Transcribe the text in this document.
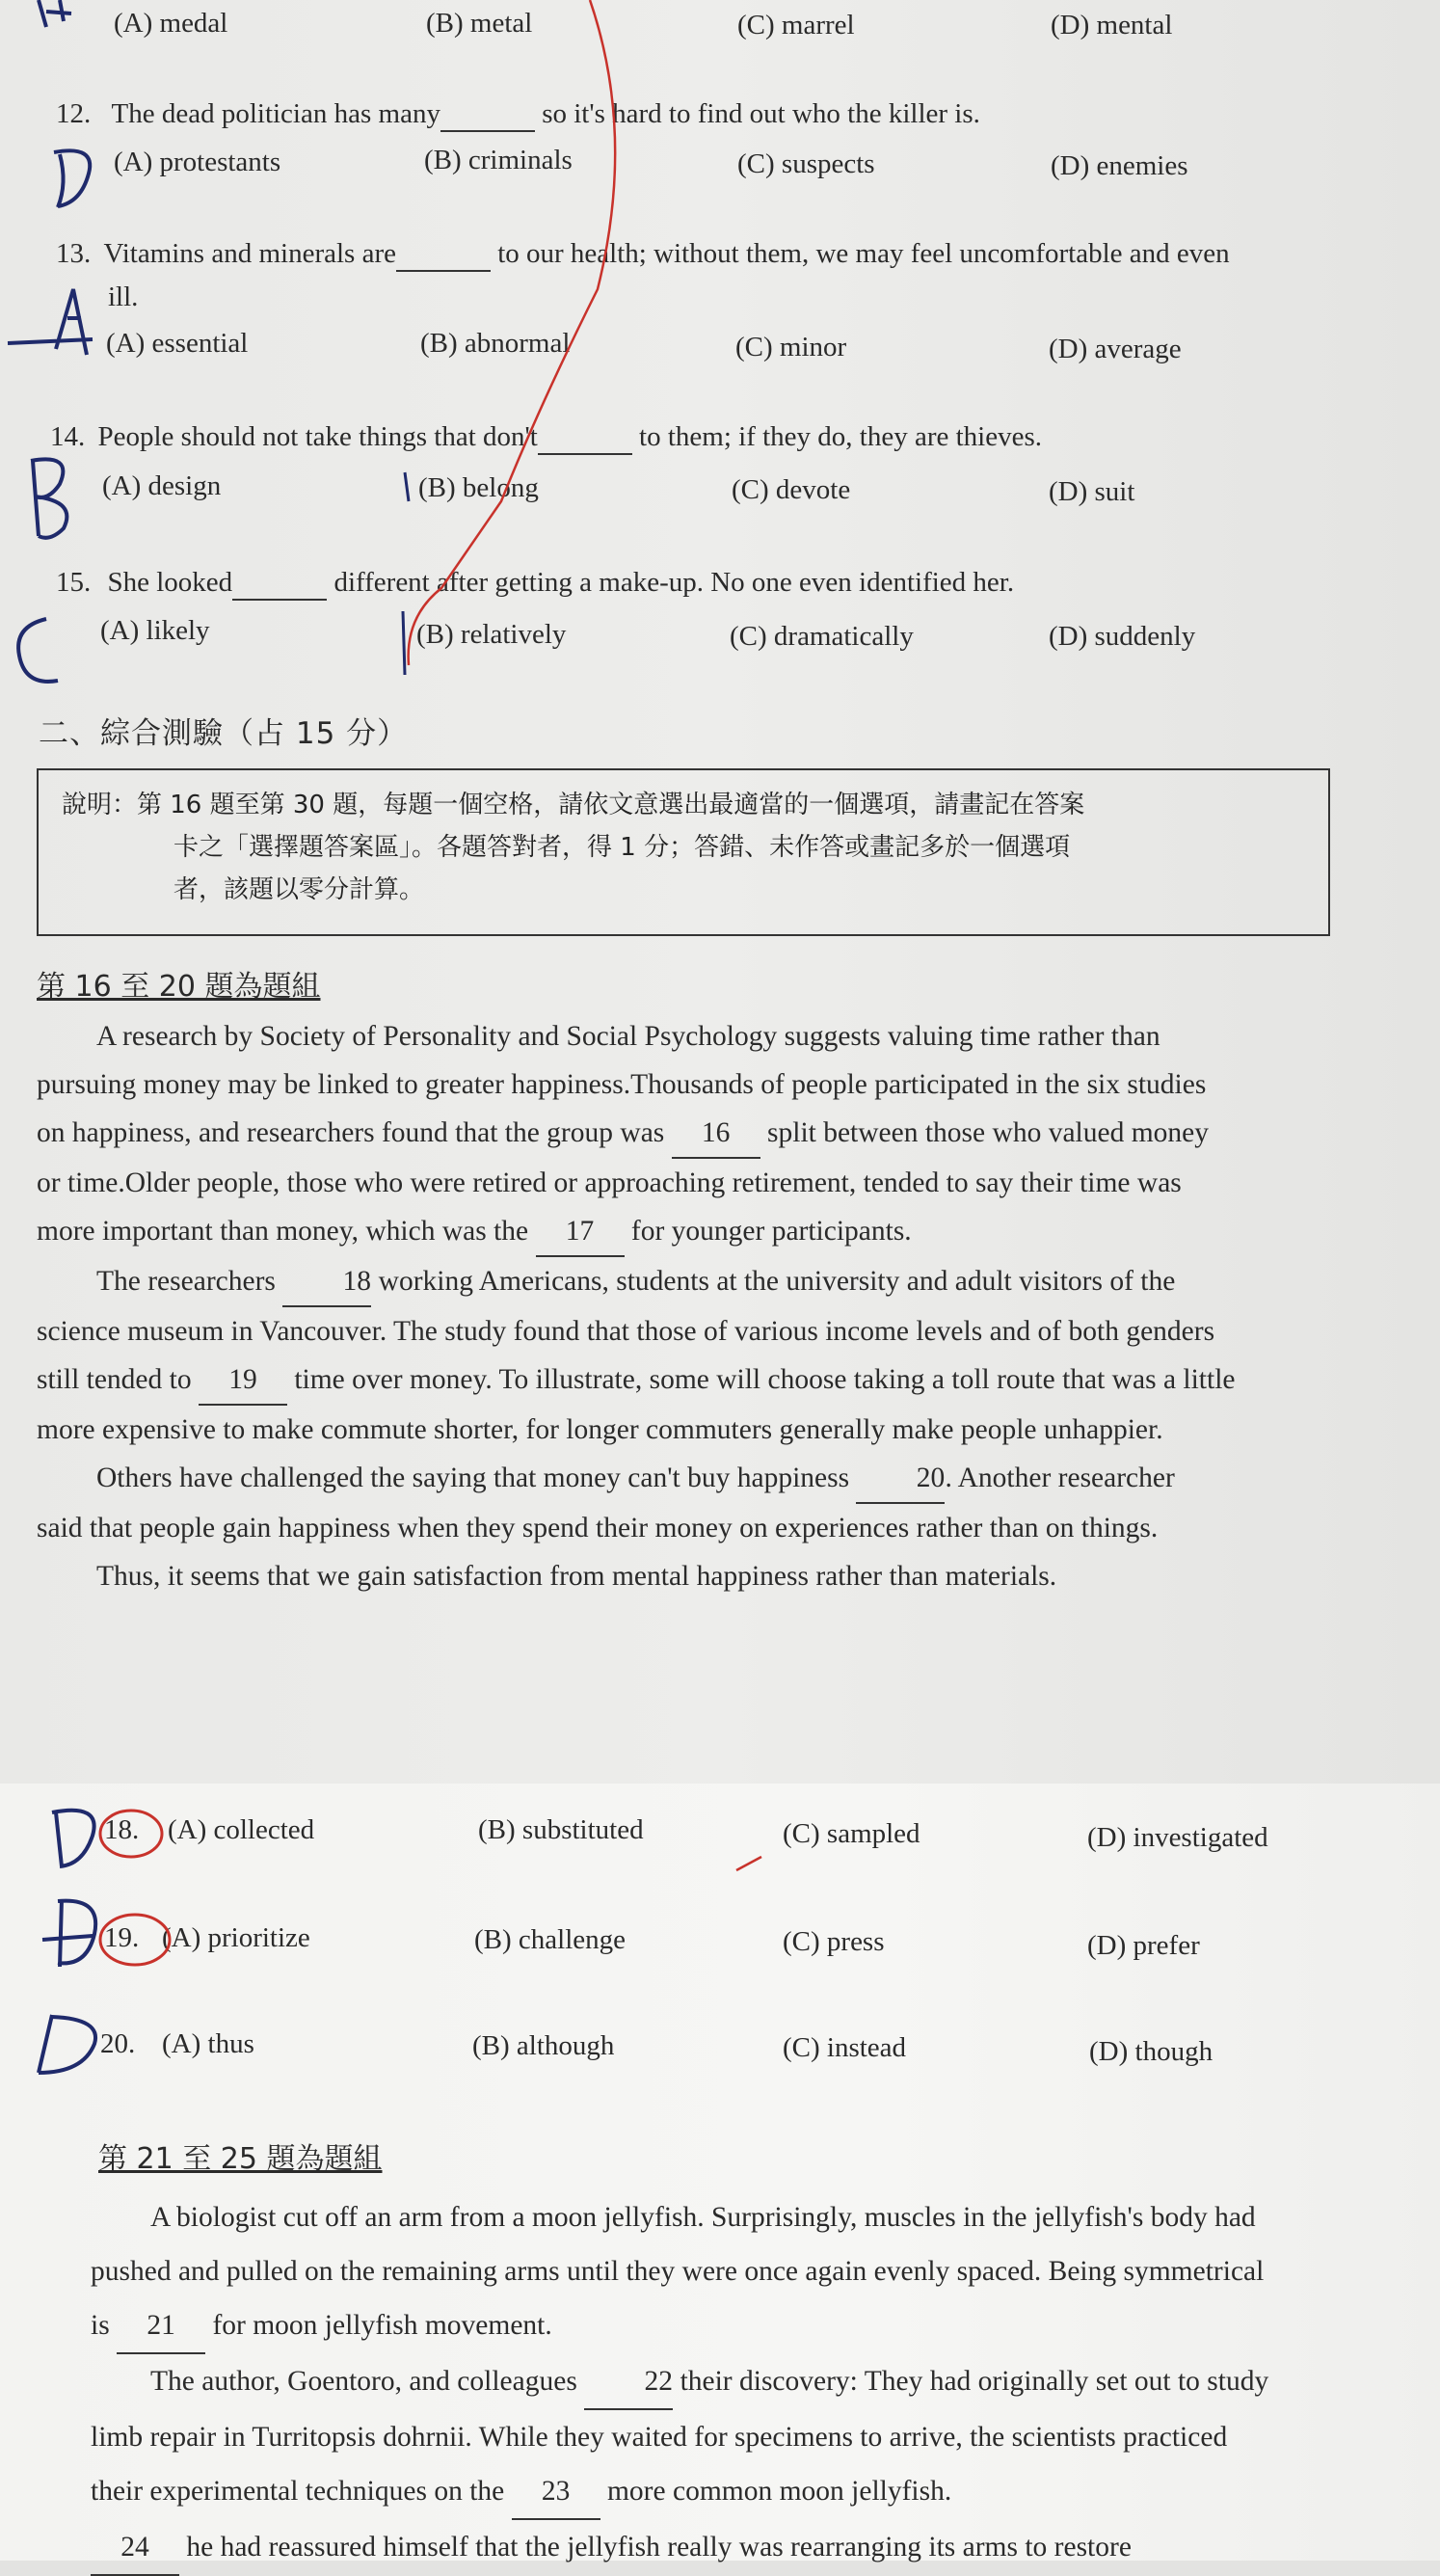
(A) medal	(B) metal	(C) marrel	(D) mental
12. The dead politician has many	so it's hard to find out who the killer is.
(A) protestants	(B) criminals	(C) suspects	(D) enemies
13. Vitamins and minerals are	to our health; without them, we may feel uncomfortable and even
ill.
(A) essential	(B) abnormal	(C) minor	(D) average
14. People should not take things that don't	to them; if they do, they are thieves.
(A) design	(B) belong	(C) devote	(D) suit
15. She looked	different after getting a make-up. No one even identified her.
(A) likely	(B) relatively	(C) dramatically	(D) suddenly
二、綜合測驗（占 15 分）
說明：第 16 題至第 30 題，每題一個空格，請依文意選出最適當的一個選項，請畫記在答案
卡之「選擇題答案區」。各題答對者，得 1 分；答錯、未作答或畫記多於一個選項
者，該題以零分計算。
第 16 至 20 題為題組

A research by Society of Personality and Social Psychology suggests valuing time rather than

pursuing money may be linked to greater happiness.Thousands of people participated in the six studies

on happiness, and researchers found that the group was 16 split between those who valued money

or time.Older people, those who were retired or approaching retirement, tended to say their time was

more important than money, which was the 17 for younger participants.

The researchers 18 working Americans, students at the university and adult visitors of the

science museum in Vancouver. The study found that those of various income levels and of both genders

still tended to 19 time over money. To illustrate, some will choose taking a toll route that was a little

more expensive to make commute shorter, for longer commuters generally make people unhappier.

Others have challenged the saying that money can't buy happiness 20. Another researcher

said that people gain happiness when they spend their money on experiences rather than on things.

Thus, it seems that we gain satisfaction from mental happiness rather than materials.

18. (A) collected	(B) substituted	(C) sampled	(D) investigated
19. (A) prioritize	(B) challenge	(C) press	(D) prefer
20. (A) thus	(B) although	(C) instead	(D) though
第 21 至 25 題為題組

A biologist cut off an arm from a moon jellyfish. Surprisingly, muscles in the jellyfish's body had

pushed and pulled on the remaining arms until they were once again evenly spaced. Being symmetrical

is 21 for moon jellyfish movement.

The author, Goentoro, and colleagues 22 their discovery: They had originally set out to study

limb repair in Turritopsis dohrnii. While they waited for specimens to arrive, the scientists practiced

their experimental techniques on the 23 more common moon jellyfish.

24 he had reassured himself that the jellyfish really was rearranging its arms to restore
